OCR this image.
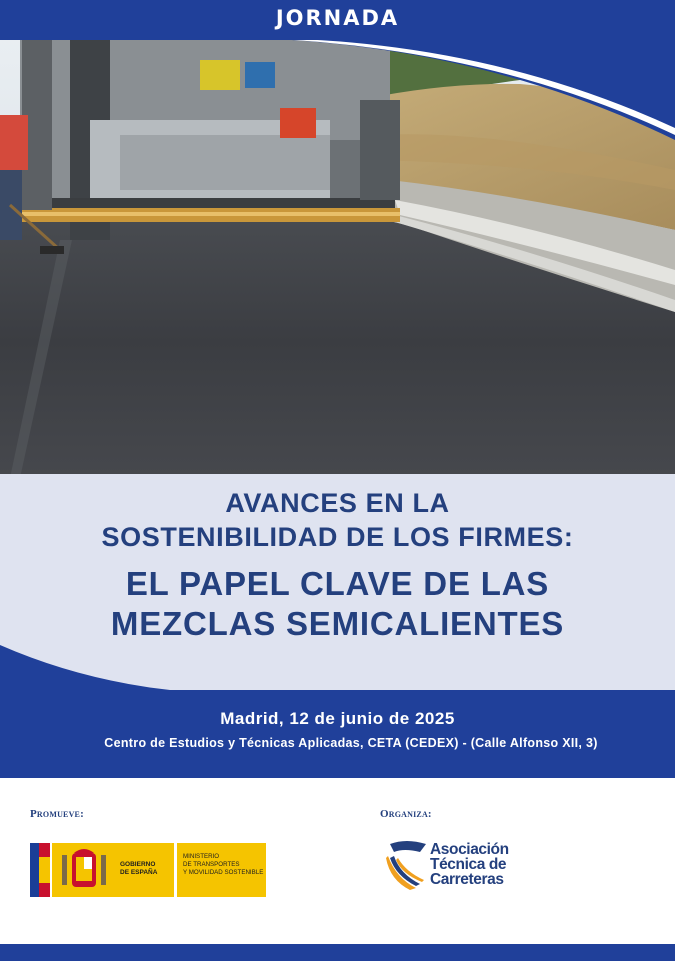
JORNADA
AVANCES EN LA
SOSTENIBILIDAD DE LOS FIRMES:
EL PAPEL CLAVE DE LAS
MEZCLAS SEMICALIENTES
Madrid, 12 de junio de 2025
Centro de Estudios y Técnicas Aplicadas, CETA (CEDEX) - (Calle Alfonso XII, 3)
Promueve:	Organiza:
GOBIERNO
DE ESPAÑA
MINISTERIO
DE TRANSPORTES
Y MOVILIDAD SOSTENIBLE
Asociación
Técnica de
Carreteras
